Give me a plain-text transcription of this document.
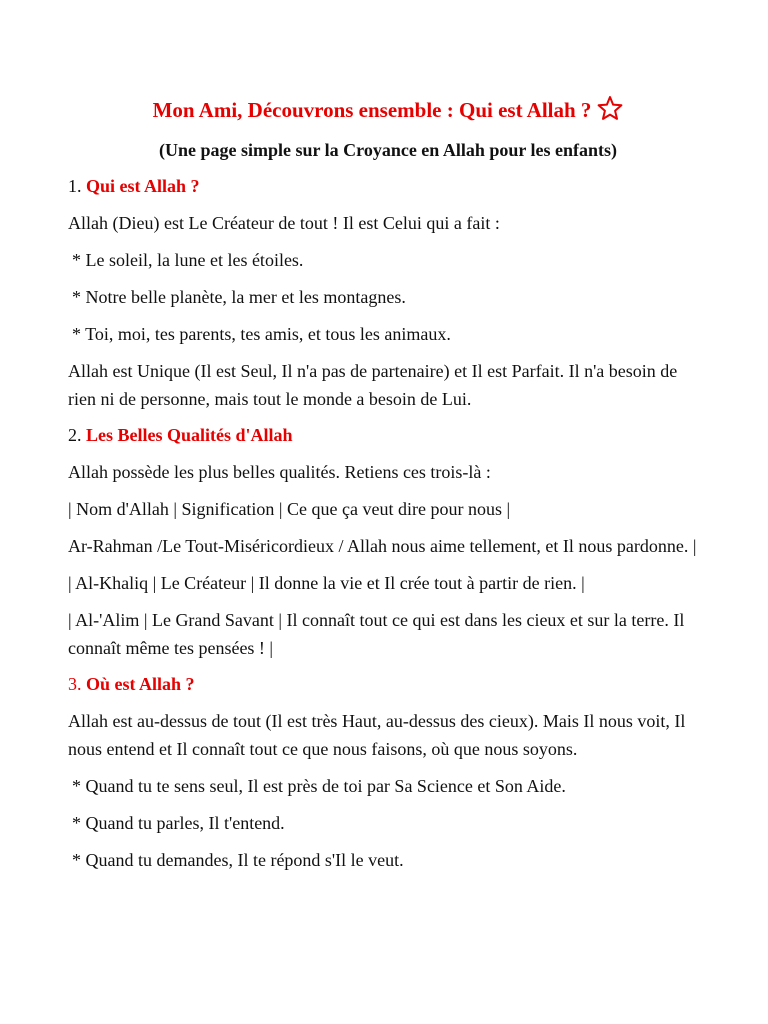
Mon Ami, Découvrons ensemble : Qui est Allah ?

(Une page simple sur la Croyance en Allah pour les enfants)

1. Qui est Allah ?

Allah (Dieu) est Le Créateur de tout ! Il est Celui qui a fait :

* Le soleil, la lune et les étoiles.

* Notre belle planète, la mer et les montagnes.

* Toi, moi, tes parents, tes amis, et tous les animaux.

Allah est Unique (Il est Seul, Il n'a pas de partenaire) et Il est Parfait. Il n'a besoin de rien ni de personne, mais tout le monde a besoin de Lui.

2. Les Belles Qualités d'Allah

Allah possède les plus belles qualités. Retiens ces trois-là :

| Nom d'Allah | Signification | Ce que ça veut dire pour nous |

Ar-Rahman /Le Tout-Miséricordieux / Allah nous aime tellement, et Il nous pardonne. |

| Al-Khaliq | Le Créateur | Il donne la vie et Il crée tout à partir de rien. |

| Al-'Alim | Le Grand Savant | Il connaît tout ce qui est dans les cieux et sur la terre. Il connaît même tes pensées ! |

3. Où est Allah ?

Allah est au-dessus de tout (Il est très Haut, au-dessus des cieux). Mais Il nous voit, Il nous entend et Il connaît tout ce que nous faisons, où que nous soyons.

* Quand tu te sens seul, Il est près de toi par Sa Science et Son Aide.

* Quand tu parles, Il t'entend.

* Quand tu demandes, Il te répond s'Il le veut.
